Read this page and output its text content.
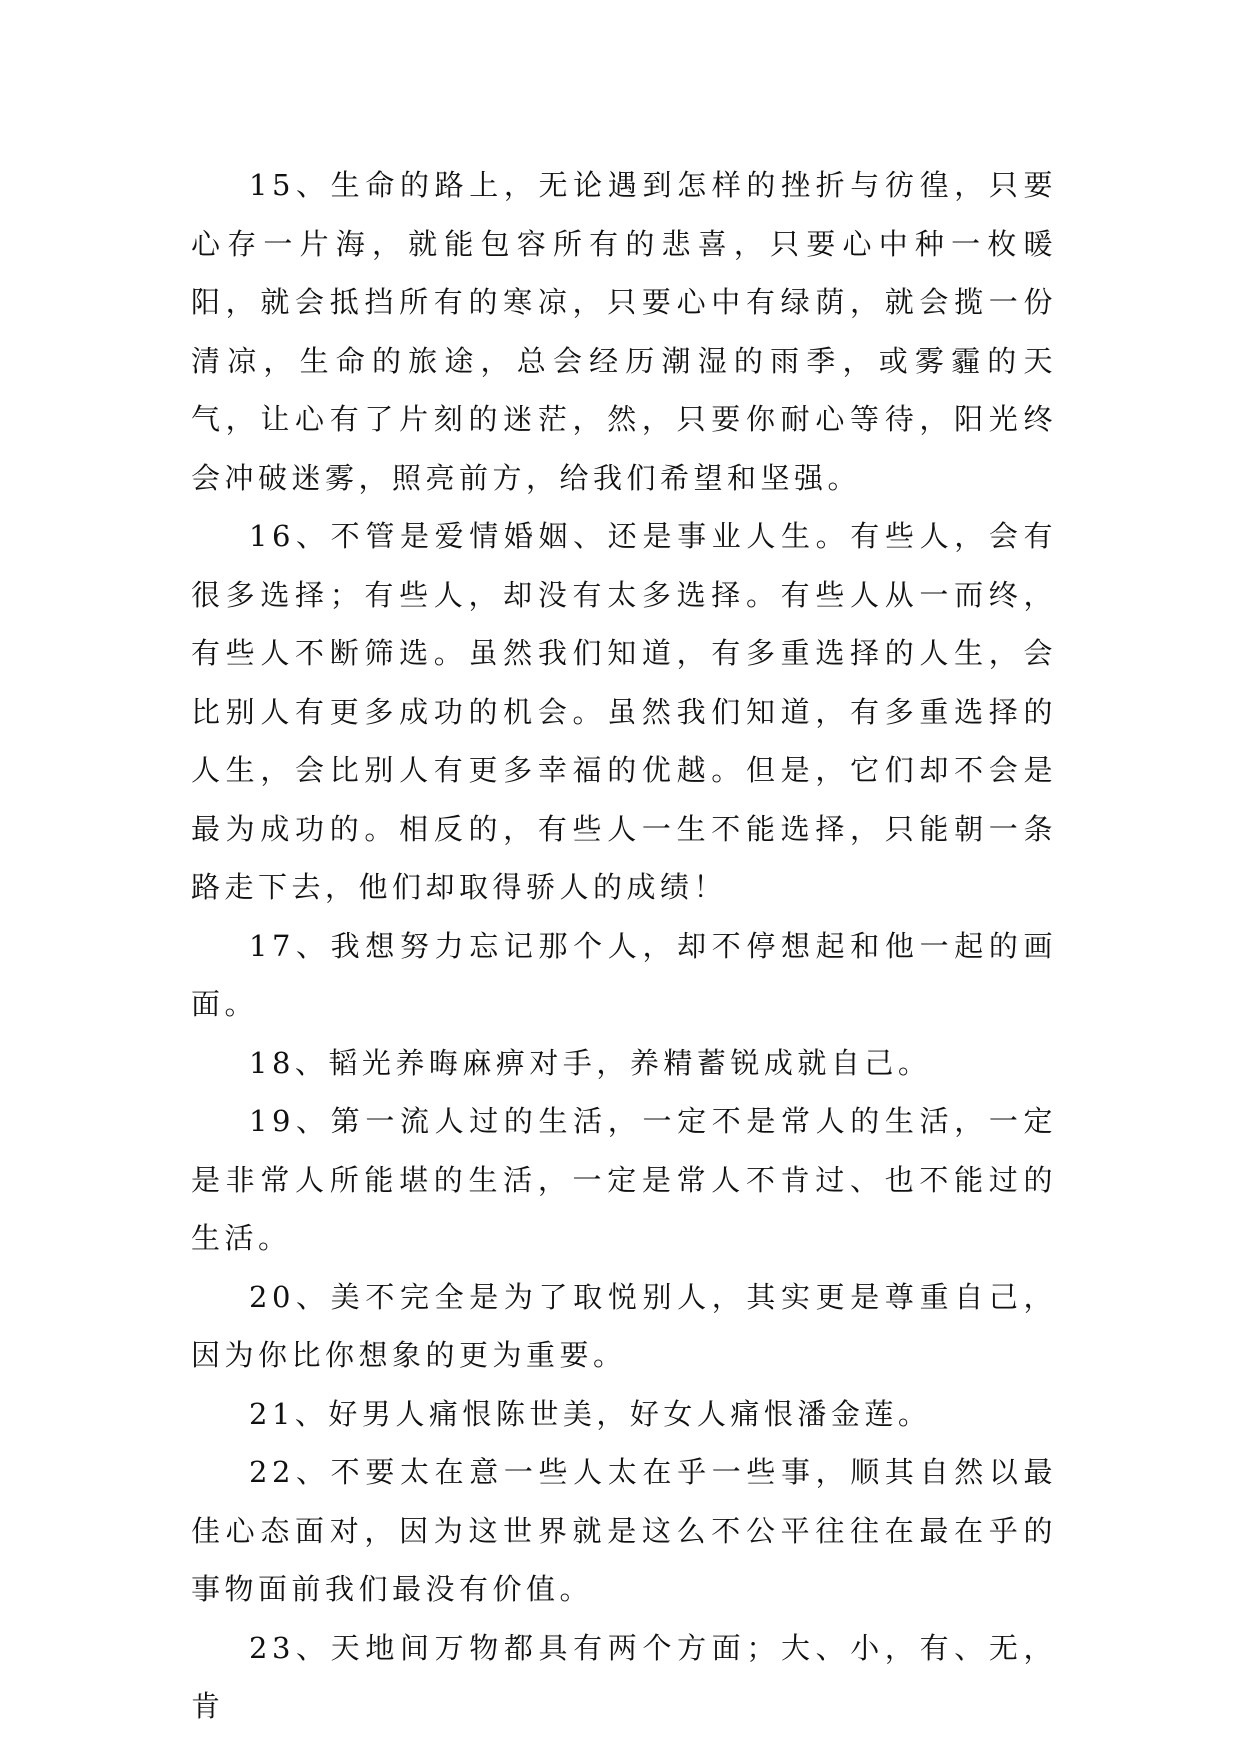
15、生命的路上，无论遇到怎样的挫折与彷徨，只要心存一片海，就能包容所有的悲喜，只要心中种一枚暖阳，就会抵挡所有的寒凉，只要心中有绿荫，就会揽一份清凉，生命的旅途，总会经历潮湿的雨季，或雾霾的天气，让心有了片刻的迷茫，然，只要你耐心等待，阳光终会冲破迷雾，照亮前方，给我们希望和坚强。

16、不管是爱情婚姻、还是事业人生。有些人，会有很多选择；有些人，却没有太多选择。有些人从一而终，有些人不断筛选。虽然我们知道，有多重选择的人生，会比别人有更多成功的机会。虽然我们知道，有多重选择的人生，会比别人有更多幸福的优越。但是，它们却不会是最为成功的。相反的，有些人一生不能选择，只能朝一条路走下去，他们却取得骄人的成绩！

17、我想努力忘记那个人，却不停想起和他一起的画面。

18、韬光养晦麻痹对手，养精蓄锐成就自己。

19、第一流人过的生活，一定不是常人的生活，一定是非常人所能堪的生活，一定是常人不肯过、也不能过的生活。

20、美不完全是为了取悦别人，其实更是尊重自己，因为你比你想象的更为重要。

21、好男人痛恨陈世美，好女人痛恨潘金莲。

22、不要太在意一些人太在乎一些事，顺其自然以最佳心态面对，因为这世界就是这么不公平往往在最在乎的事物面前我们最没有价值。

23、天地间万物都具有两个方面；大、小，有、无，肯
